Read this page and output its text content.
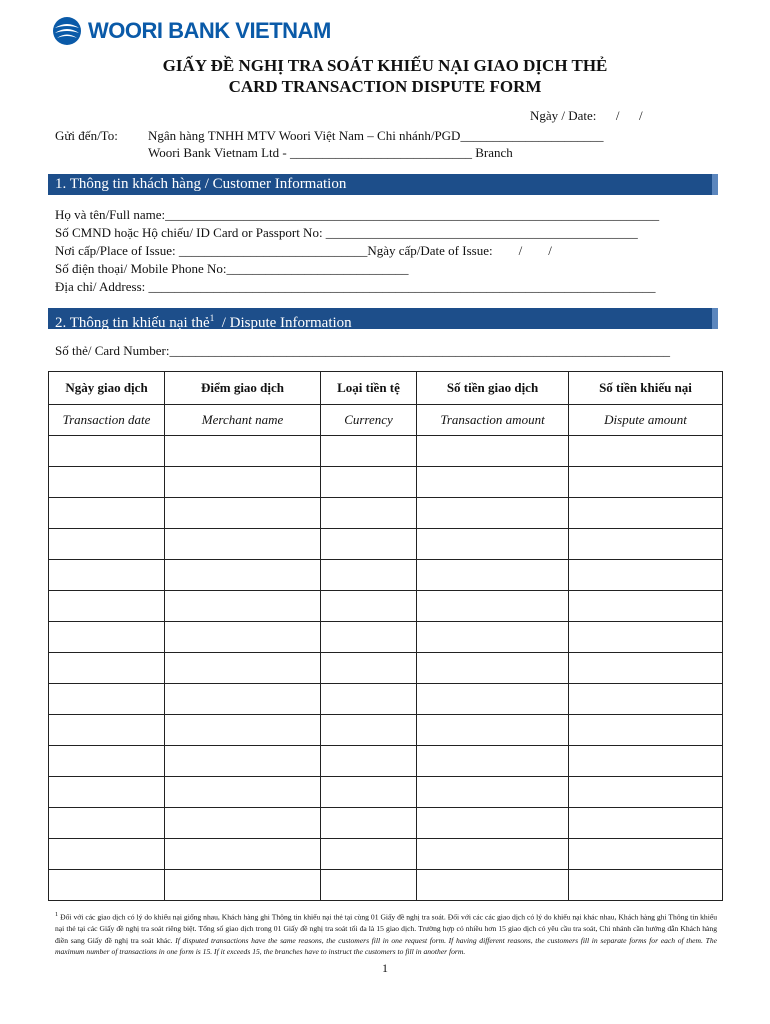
WOORI BANK VIETNAM
GIẤY ĐỀ NGHỊ TRA SOÁT KHIẾU NẠI GIAO DỊCH THẺ
CARD TRANSACTION DISPUTE FORM
Ngày / Date:      /      /
Gửi đến/To: Ngân hàng TNHH MTV Woori Việt Nam – Chi nhánh/PGD______________________
Woori Bank Vietnam Ltd - ____________________________ Branch
1. Thông tin khách hàng / Customer Information
Họ và tên/Full name:____________________________________________________________________________
Số CMND hoặc Hộ chiếu/ ID Card or Passport No: ________________________________________________
Nơi cấp/Place of Issue: _____________________________Ngày cấp/Date of Issue:        /        /
Số điện thoại/ Mobile Phone No:____________________________
Địa chỉ/ Address: ______________________________________________________________________________
2. Thông tin khiếu nại thẻ$^1$  / Dispute Information
Số thẻ/ Card Number:_____________________________________________________________________________
Ngày giao dịch	Điểm giao dịch	Loại tiền tệ	Số tiền giao dịch	Số tiền khiếu nại
Transaction date	Merchant name	Currency	Transaction amount	Dispute amount

$^1$ Đối với các giao dịch có lý do khiếu nại giống nhau, Khách hàng ghi Thông tin khiếu nại thẻ tại cùng 01 Giấy đề nghị tra soát. Đối với các các giao dịch có lý do khiếu nại khác nhau, Khách hàng ghi Thông tin khiếu nại thẻ tại các Giấy đề nghị tra soát riêng biệt. Tổng số giao dịch trong 01 Giấy đề nghị tra soát tối đa là 15 giao dịch. Trường hợp có nhiều hơn 15 giao dịch có yêu cầu tra soát, Chi nhánh cần hướng dẫn Khách hàng điền sang Giấy đề nghị tra soát khác. If disputed transactions have the same reasons, the customers fill in one request form. If having different reasons, the customers fill in separate forms for each of them. The maximum number of transactions in one form is 15. If it exceeds 15, the branches have to instruct the customers to fill in another form.
1
